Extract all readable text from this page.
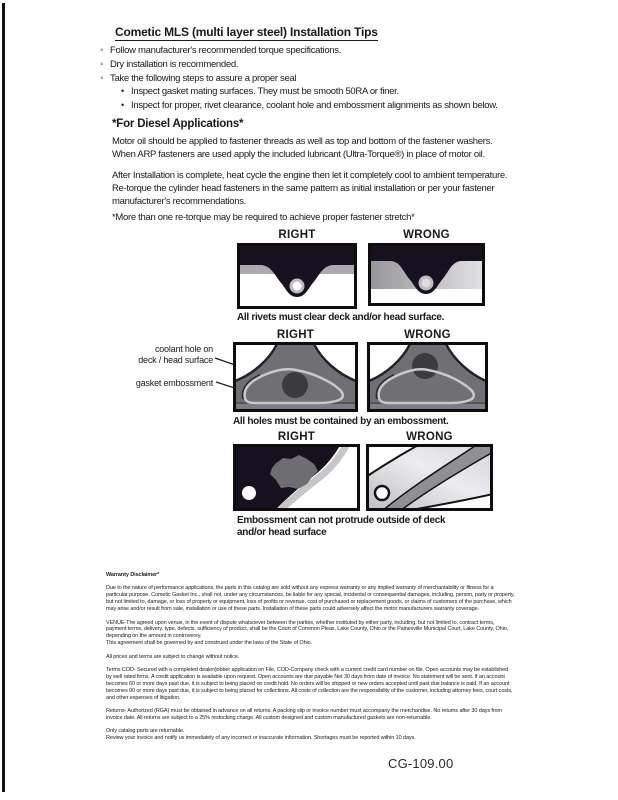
Cometic MLS (multi layer steel) Installation Tips
◦
Follow manufacturer's recommended torque specifications.
◦
Dry installation is recommended.
◦
Take the following steps to assure a proper seal
•
Inspect gasket mating surfaces. They must be smooth 50RA or finer.
•
Inspect for proper, rivet clearance, coolant hole and embossment alignments as shown below.
*For Diesel Applications*
Motor oil should be applied to fastener threads as well as top and bottom of the fastener washers. When ARP fasteners are used apply the included lubricant (Ultra-Torque®) in place of motor oil.
After Installation is complete, heat cycle the engine then let it completely cool to ambient temperature. Re-torque the cylinder head fasteners in the same pattern as initial installation or per your fastener manufacturer's recommendations.
*More than one re-torque may be required to achieve proper fastener stretch*
RIGHT	WRONG
All rivets must clear deck and/or head surface.
RIGHT	WRONG
coolant hole on
deck / head surface
gasket embossment
All holes must be contained by an embossment.
RIGHT	WRONG
Embossment can not protrude outside of deck
and/or head surface
Warranty Disclaimer*

Due to the nature of performance applications, the parts in this catalog are sold without any express warranty or any implied warranty of merchantability or fitness for a particular purpose. Cometic Gasket Inc., shall not, under any circumstances, be liable for any special, incidental or consequential damages, including, person, party or property, but not limited to, damage, or loss of property or equipment, loss of profits or revenue, cost of purchased or replacement goods, or claims of customers of the purchase, which may arise and/or result from sale, installation or use of these parts. Installation of these parts could adversely affect the motor manufacturers warranty coverage.

VENUE-The agreed upon venue, in the event of dispute whatsoever between the parties, whether instituted by either party, including, but not limited to, contract terms, payment terms, delivery, type, defects, sufficiency of product, shall be the Court of Common Pleas, Lake County, Ohio or the Painesville Municipal Court, Lake County, Ohio, depending on the amount in controversy.

This agreement shall be governed by and construed under the laws of the State of Ohio.

All prices and terms are subject to change without notice.

Terms COD- Secured with a completed dealer/jobber application on File, COD-Company check with a current credit card number on file. Open accounts may be established by well rated firms. A credit application is available upon request. Open accounts are due payable Net 30 days from date of invoice. No statement will be sent. If an account becomes 60 or more days past due, it is subject to being placed on credit hold. No orders will be shipped or new orders accepted until past due balance is paid. If an account becomes 90 or more days past due, it is subject to being placed for collections. All costs of collection are the responsibility of the customer, including attorney fees, court costs, and other expenses of litigation.

Returns- Authorized (RGA) must be obtained in advance on all returns. A packing slip or invoice number must accompany the merchandise. No returns after 30 days from invoice date. All returns are subject to a 25% restocking charge. All custom designed and custom manufactured gaskets are non-returnable.

Only catalog parts are returnable.

Review your invoice and notify us immediately of any incorrect or inaccurate information. Shortages must be reported within 10 days.

CG-109.00
